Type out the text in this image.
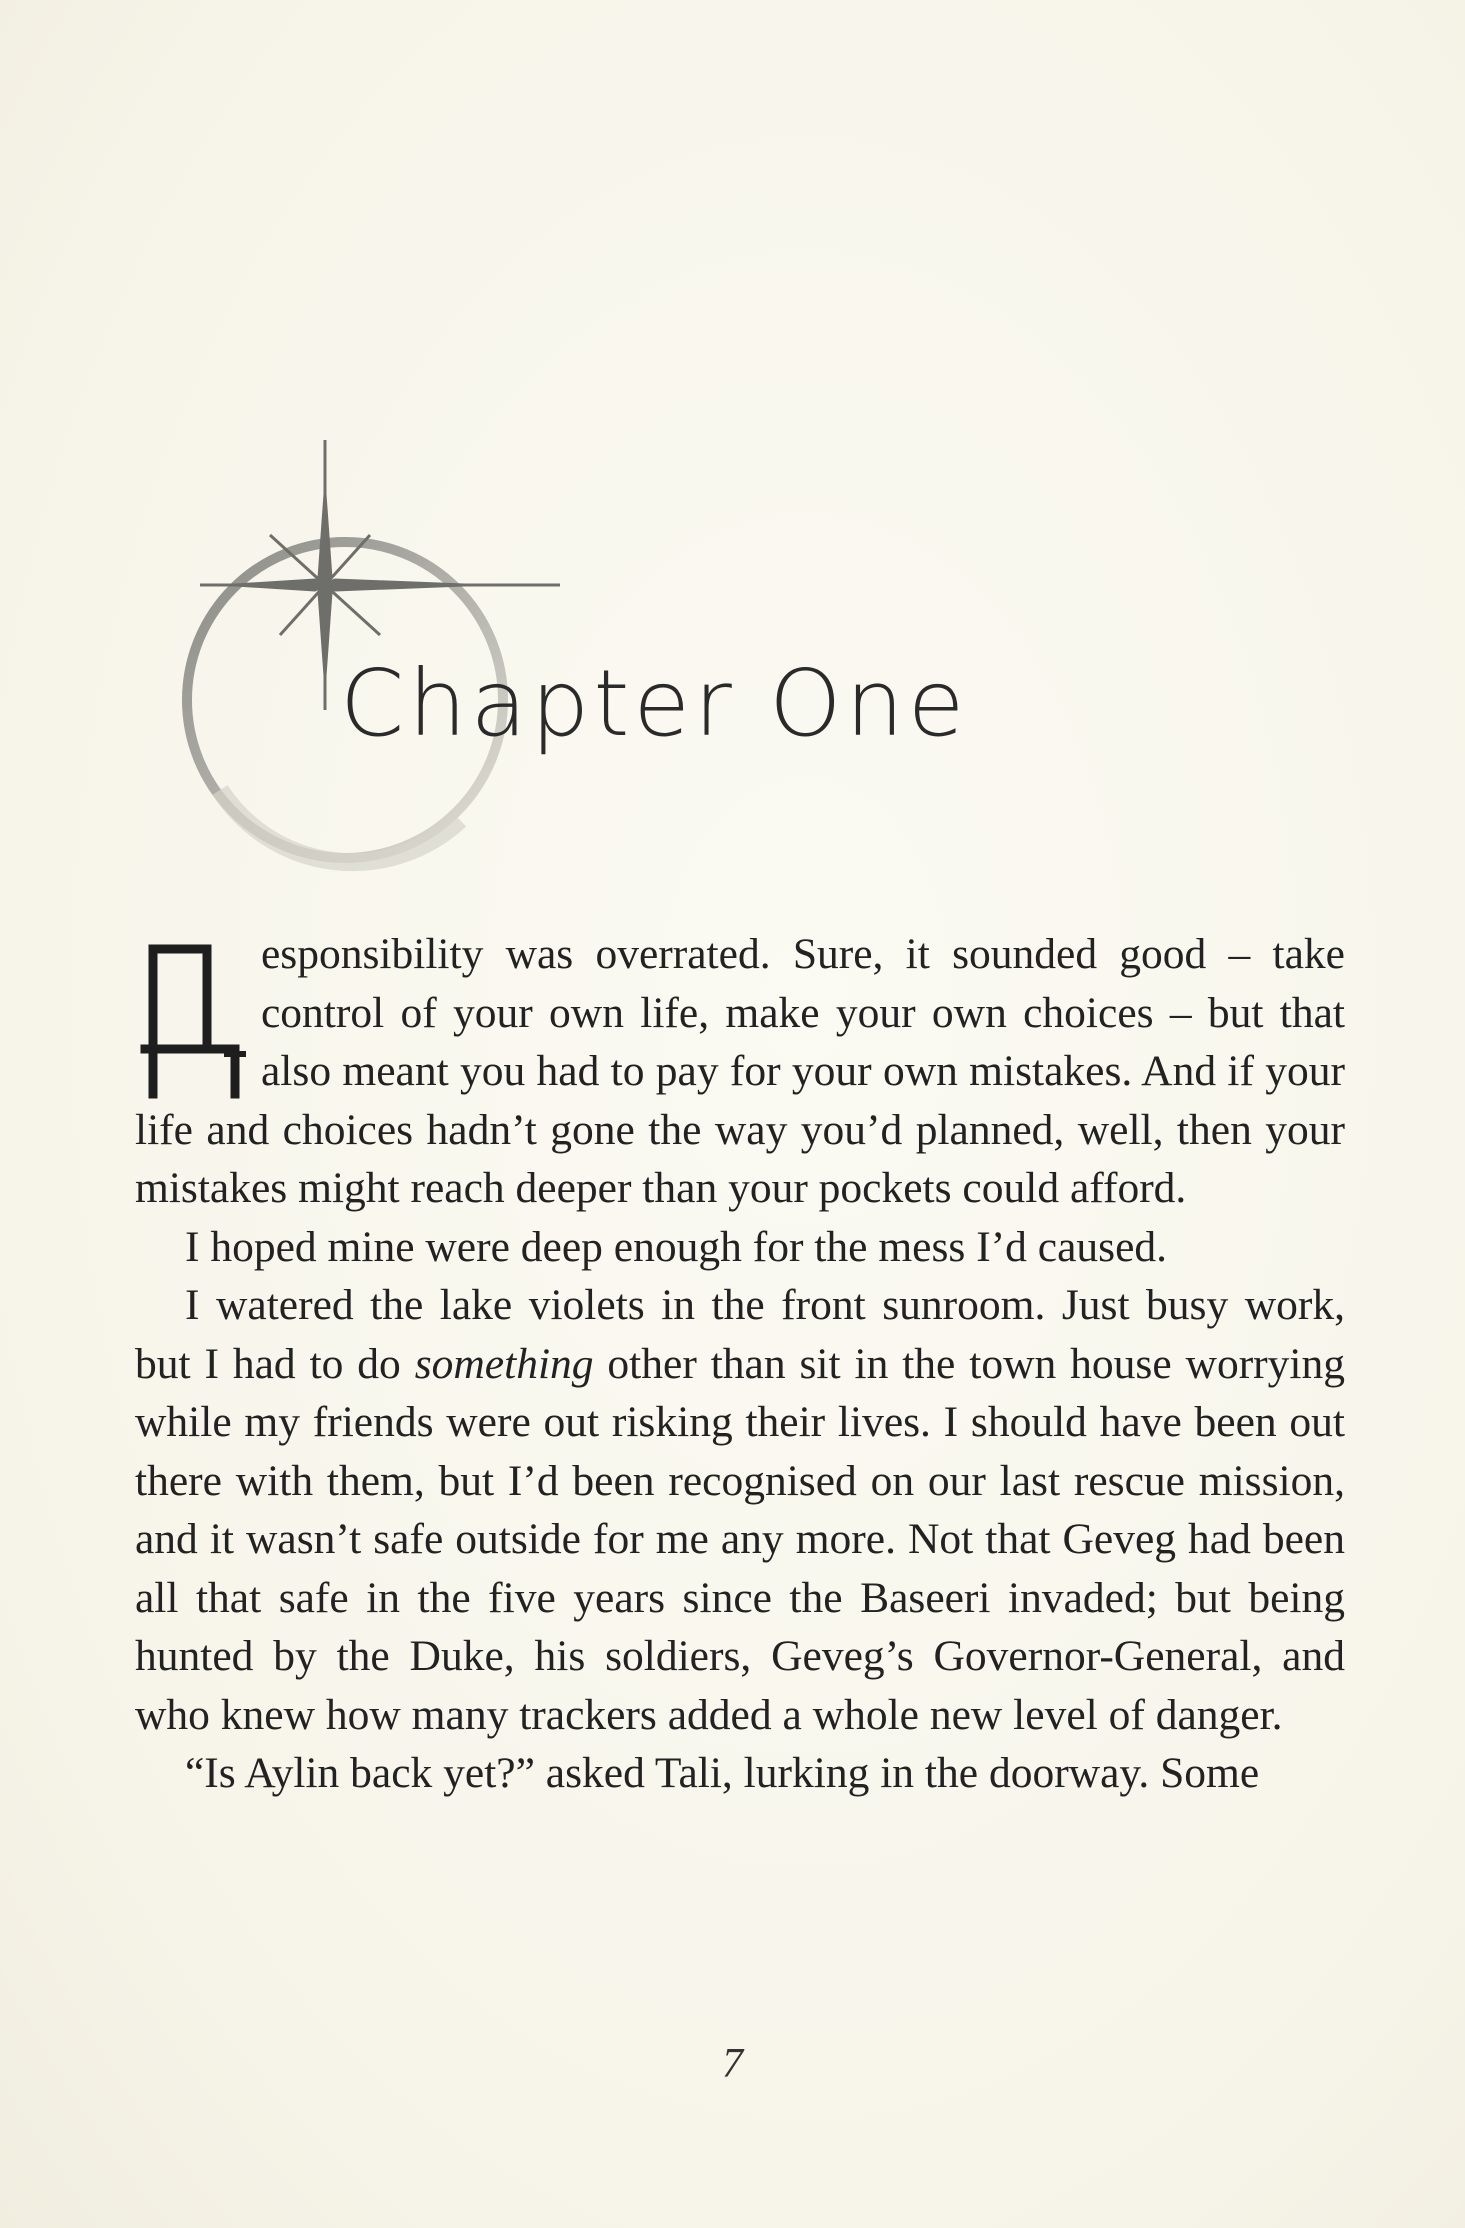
Chapter One

esponsibility was overrated. Sure, it sounded good – take control of your own life, make your own choices – but that also meant you had to pay for your own mistakes. And if your life and choices hadn’t gone the way you’d planned, well, then your mistakes might reach deeper than your pockets could afford.

I hoped mine were deep enough for the mess I’d caused.

I watered the lake violets in the front sunroom. Just busy work, but I had to do something other than sit in the town house worrying while my friends were out risking their lives. I should have been out there with them, but I’d been recognised on our last rescue mission, and it wasn’t safe outside for me any more. Not that Geveg had been all that safe in the five years since the Baseeri invaded; but being hunted by the Duke, his soldiers, Geveg’s Governor-General, and who knew how many trackers added a whole new level of danger.

“Is Aylin back yet?” asked Tali, lurking in the doorway. Some

7
